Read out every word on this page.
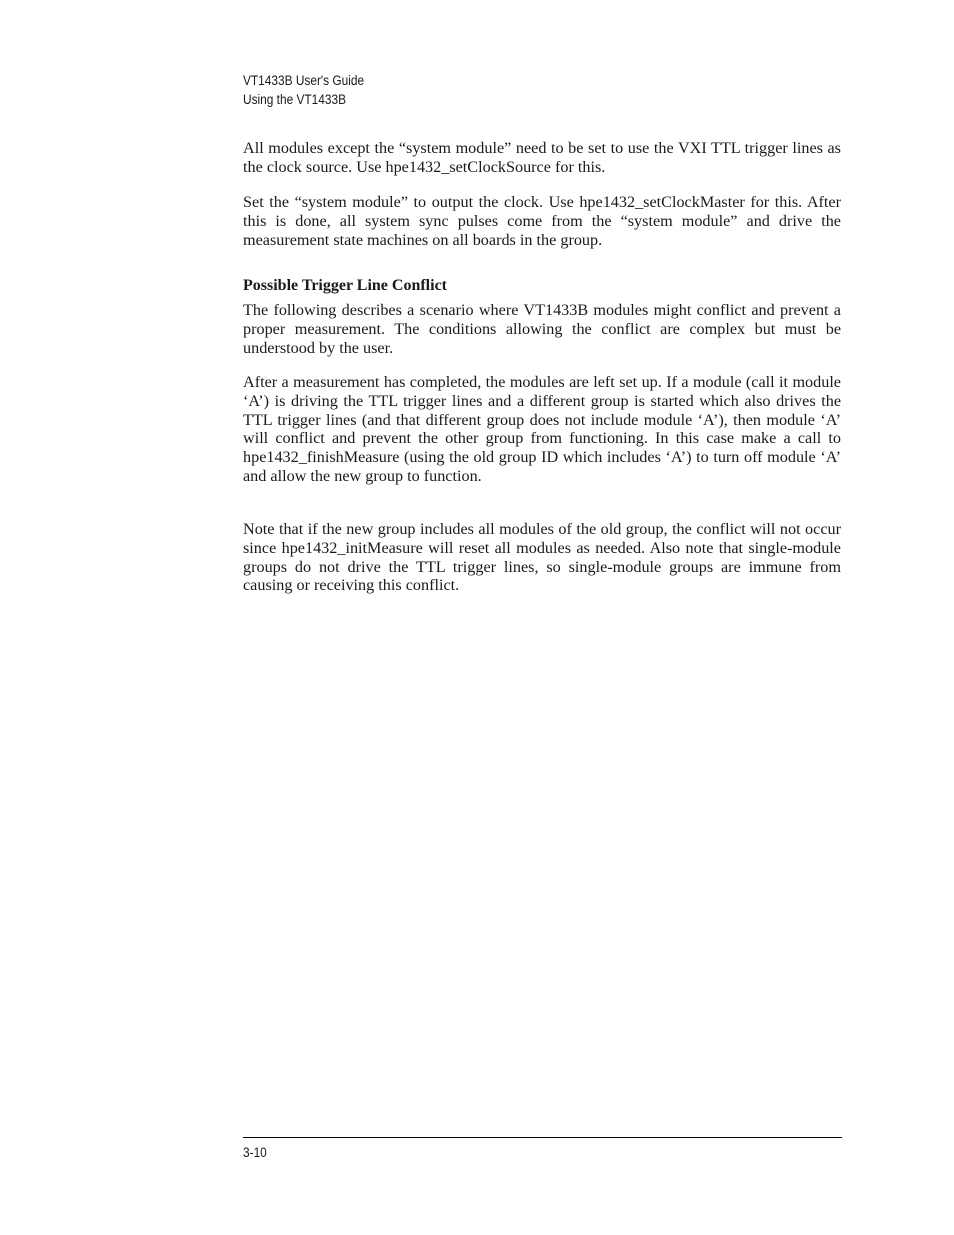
VT1433B User's Guide
Using the VT1433B

All modules except the “system module” need to be set to use the VXI TTL trigger lines as the clock source. Use hpe1432_setClockSource for this.

Set the “system module” to output the clock. Use hpe1432_setClockMaster for this. After this is done, all system sync pulses come from the “system module” and drive the measurement state machines on all boards in the group.

Possible Trigger Line Conflict

The following describes a scenario where VT1433B modules might conflict and prevent a proper measurement. The conditions allowing the conflict are complex but must be understood by the user.

After a measurement has completed, the modules are left set up. If a module (call it module ‘A’) is driving the TTL trigger lines and a different group is started which also drives the TTL trigger lines (and that different group does not include module ‘A’), then module ‘A’ will conflict and prevent the other group from functioning. In this case make a call to hpe1432_finishMeasure (using the old group ID which includes ‘A’) to turn off module ‘A’ and allow the new group to function.

Note that if the new group includes all modules of the old group, the conflict will not occur since hpe1432_initMeasure will reset all modules as needed. Also note that single-module groups do not drive the TTL trigger lines, so single-module groups are immune from causing or receiving this conflict.

3-10
